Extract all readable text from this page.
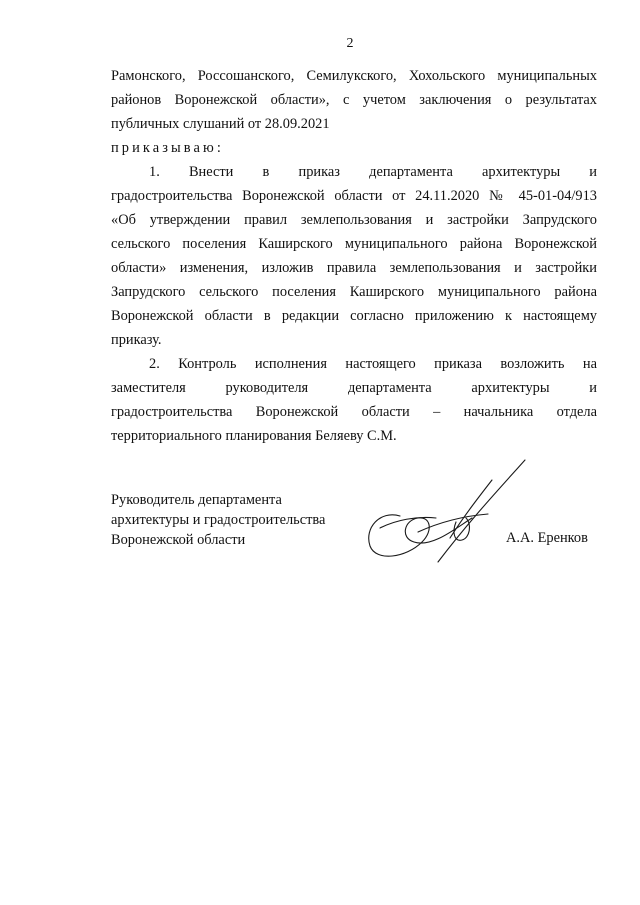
2

Рамонского, Россошанского, Семилукского, Хохольского муниципальных
районов Воронежской области», с учетом заключения о результатах
публичных слушаний от 28.09.2021

приказываю:

1. Внести в приказ департамента архитектуры и
градостроительства Воронежской области от 24.11.2020 № 45-01-04/913
«Об утверждении правил землепользования и застройки Запрудского
сельского поселения Каширского муниципального района Воронежской
области» изменения, изложив правила землепользования и застройки
Запрудского сельского поселения Каширского муниципального района
Воронежской области в редакции согласно приложению к настоящему
приказу.

2. Контроль исполнения настоящего приказа возложить на
заместителя руководителя департамента архитектуры и
градостроительства Воронежской области – начальника отдела
территориального планирования Беляеву С.М.

Руководитель департамента
архитектуры и градостроительства
Воронежской области	А.А. Еренков
